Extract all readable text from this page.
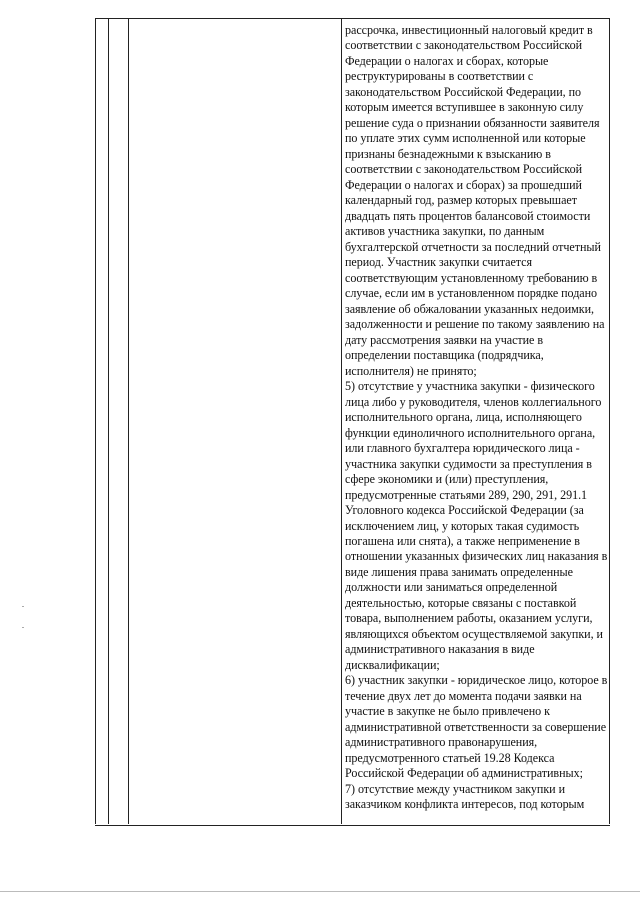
рассрочка, инвестиционный налоговый кредит в
соответствии с законодательством Российской
Федерации о налогах и сборах, которые
реструктурированы в соответствии с
законодательством Российской Федерации, по
которым имеется вступившее в законную силу
решение суда о признании обязанности заявителя
по уплате этих сумм исполненной или которые
признаны безнадежными к взысканию в
соответствии с законодательством Российской
Федерации о налогах и сборах) за прошедший
календарный год, размер которых превышает
двадцать пять процентов балансовой стоимости
активов участника закупки, по данным
бухгалтерской отчетности за последний отчетный
период. Участник закупки считается
соответствующим установленному требованию в
случае, если им в установленном порядке подано
заявление об обжаловании указанных недоимки,
задолженности и решение по такому заявлению на
дату рассмотрения заявки на участие в
определении поставщика (подрядчика,
исполнителя) не принято;
5) отсутствие у участника закупки - физического
лица либо у руководителя, членов коллегиального
исполнительного органа, лица, исполняющего
функции единоличного исполнительного органа,
или главного бухгалтера юридического лица -
участника закупки судимости за преступления в
сфере экономики и (или) преступления,
предусмотренные статьями 289, 290, 291, 291.1
Уголовного кодекса Российской Федерации (за
исключением лиц, у которых такая судимость
погашена или снята), а также неприменение в
отношении указанных физических лиц наказания в
виде лишения права занимать определенные
должности или заниматься определенной
деятельностью, которые связаны с поставкой
товара, выполнением работы, оказанием услуги,
являющихся объектом осуществляемой закупки, и
административного наказания в виде
дисквалификации;
6) участник закупки - юридическое лицо, которое в
течение двух лет до момента подачи заявки на
участие в закупке не было привлечено к
административной ответственности за совершение
административного правонарушения,
предусмотренного статьей 19.28 Кодекса
Российской Федерации об административных;
7) отсутствие между участником закупки и
заказчиком конфликта интересов, под которым
